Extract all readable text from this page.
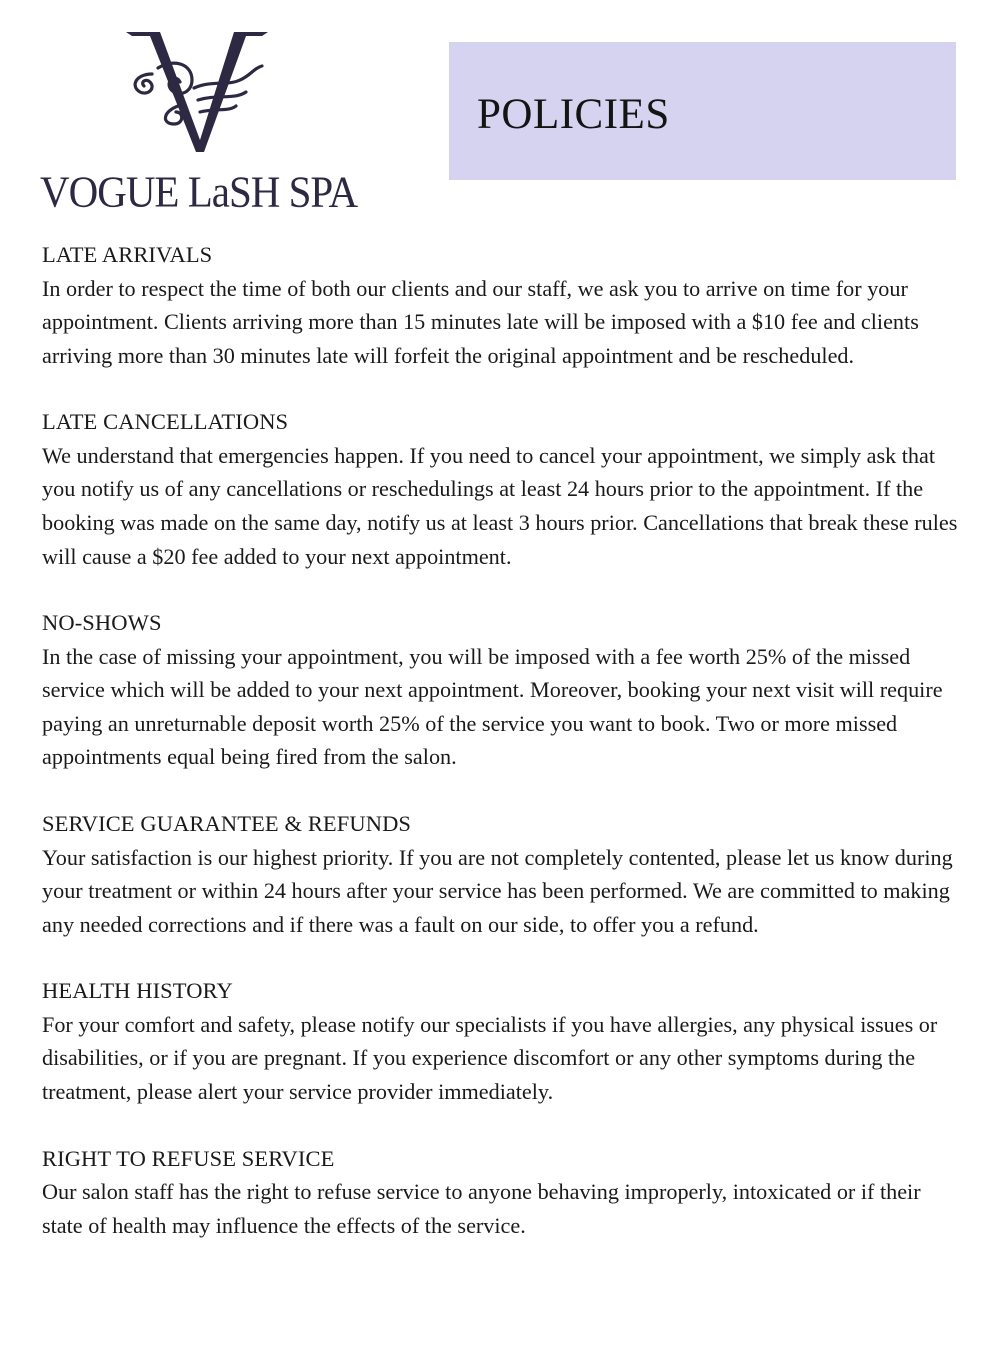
VOGUE LaSH SPA
POLICIES
LATE ARRIVALS

In order to respect the time of both our clients and our staff, we ask you to arrive on time for your appointment. Clients arriving more than 15 minutes late will be imposed with a $10 fee and clients arriving more than 30 minutes late will forfeit the original appointment and be rescheduled.

LATE CANCELLATIONS

We understand that emergencies happen. If you need to cancel your appointment, we simply ask that you notify us of any cancellations or reschedulings at least 24 hours prior to the appointment. If the booking was made on the same day, notify us at least 3 hours prior. Cancellations that break these rules will cause a $20 fee added to your next appointment.

NO-SHOWS

In the case of missing your appointment, you will be imposed with a fee worth 25% of the missed service which will be added to your next appointment. Moreover, booking your next visit will require paying an unreturnable deposit worth 25% of the service you want to book. Two or more missed appointments equal being fired from the salon.

SERVICE GUARANTEE & REFUNDS

Your satisfaction is our highest priority. If you are not completely contented, please let us know during your treatment or within 24 hours after your service has been performed. We are committed to making any needed corrections and if there was a fault on our side, to offer you a refund.

HEALTH HISTORY

For your comfort and safety, please notify our specialists if you have allergies, any physical issues or disabilities, or if you are pregnant. If you experience discomfort or any other symptoms during the treatment, please alert your service provider immediately.

RIGHT TO REFUSE SERVICE

Our salon staff has the right to refuse service to anyone behaving improperly, intoxicated or if their state of health may influence the effects of the service.
